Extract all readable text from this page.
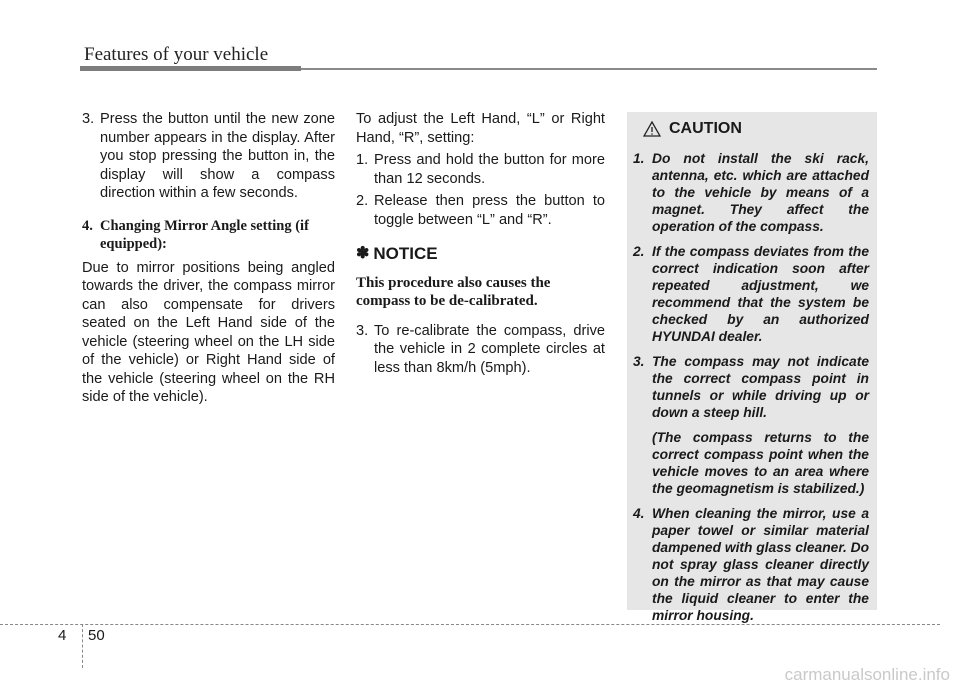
Features of your vehicle
3. Press the button until the new zone number appears in the display. After you stop pressing the button in, the display will show a compass direction within a few seconds.
4. Changing Mirror Angle setting (if equipped):

Due to mirror positions being angled towards the driver, the compass mirror can also compensate for drivers seated on the Left Hand side of the vehicle (steering wheel on the LH side of the vehicle) or Right Hand side of the vehicle (steering wheel on the RH side of the vehicle).

To adjust the Left Hand, “L” or Right Hand, “R”, setting:

1. Press and hold the button for more than 12 seconds.
2. Release then press the button to toggle between “L” and “R”.
✽ NOTICE
This procedure also causes the compass to be de-calibrated.
3. To re-calibrate the compass, drive the vehicle in 2 complete circles at less than 8km/h (5mph).
CAUTION
1. Do not install the ski rack, antenna, etc. which are attached to the vehicle by means of a magnet. They affect the operation of the compass.
2. If the compass deviates from the correct indication soon after repeated adjustment, we recommend that the system be checked by an authorized HYUNDAI dealer.
3. The compass may not indicate the correct compass point in tunnels or while driving up or down a steep hill.
(The compass returns to the correct compass point when the vehicle moves to an area where the geomagnetism is stabilized.)
4. When cleaning the mirror, use a paper towel or similar material dampened with glass cleaner. Do not spray glass cleaner directly on the mirror as that may cause the liquid cleaner to enter the mirror housing.
4 50
carmanualsonline.info
